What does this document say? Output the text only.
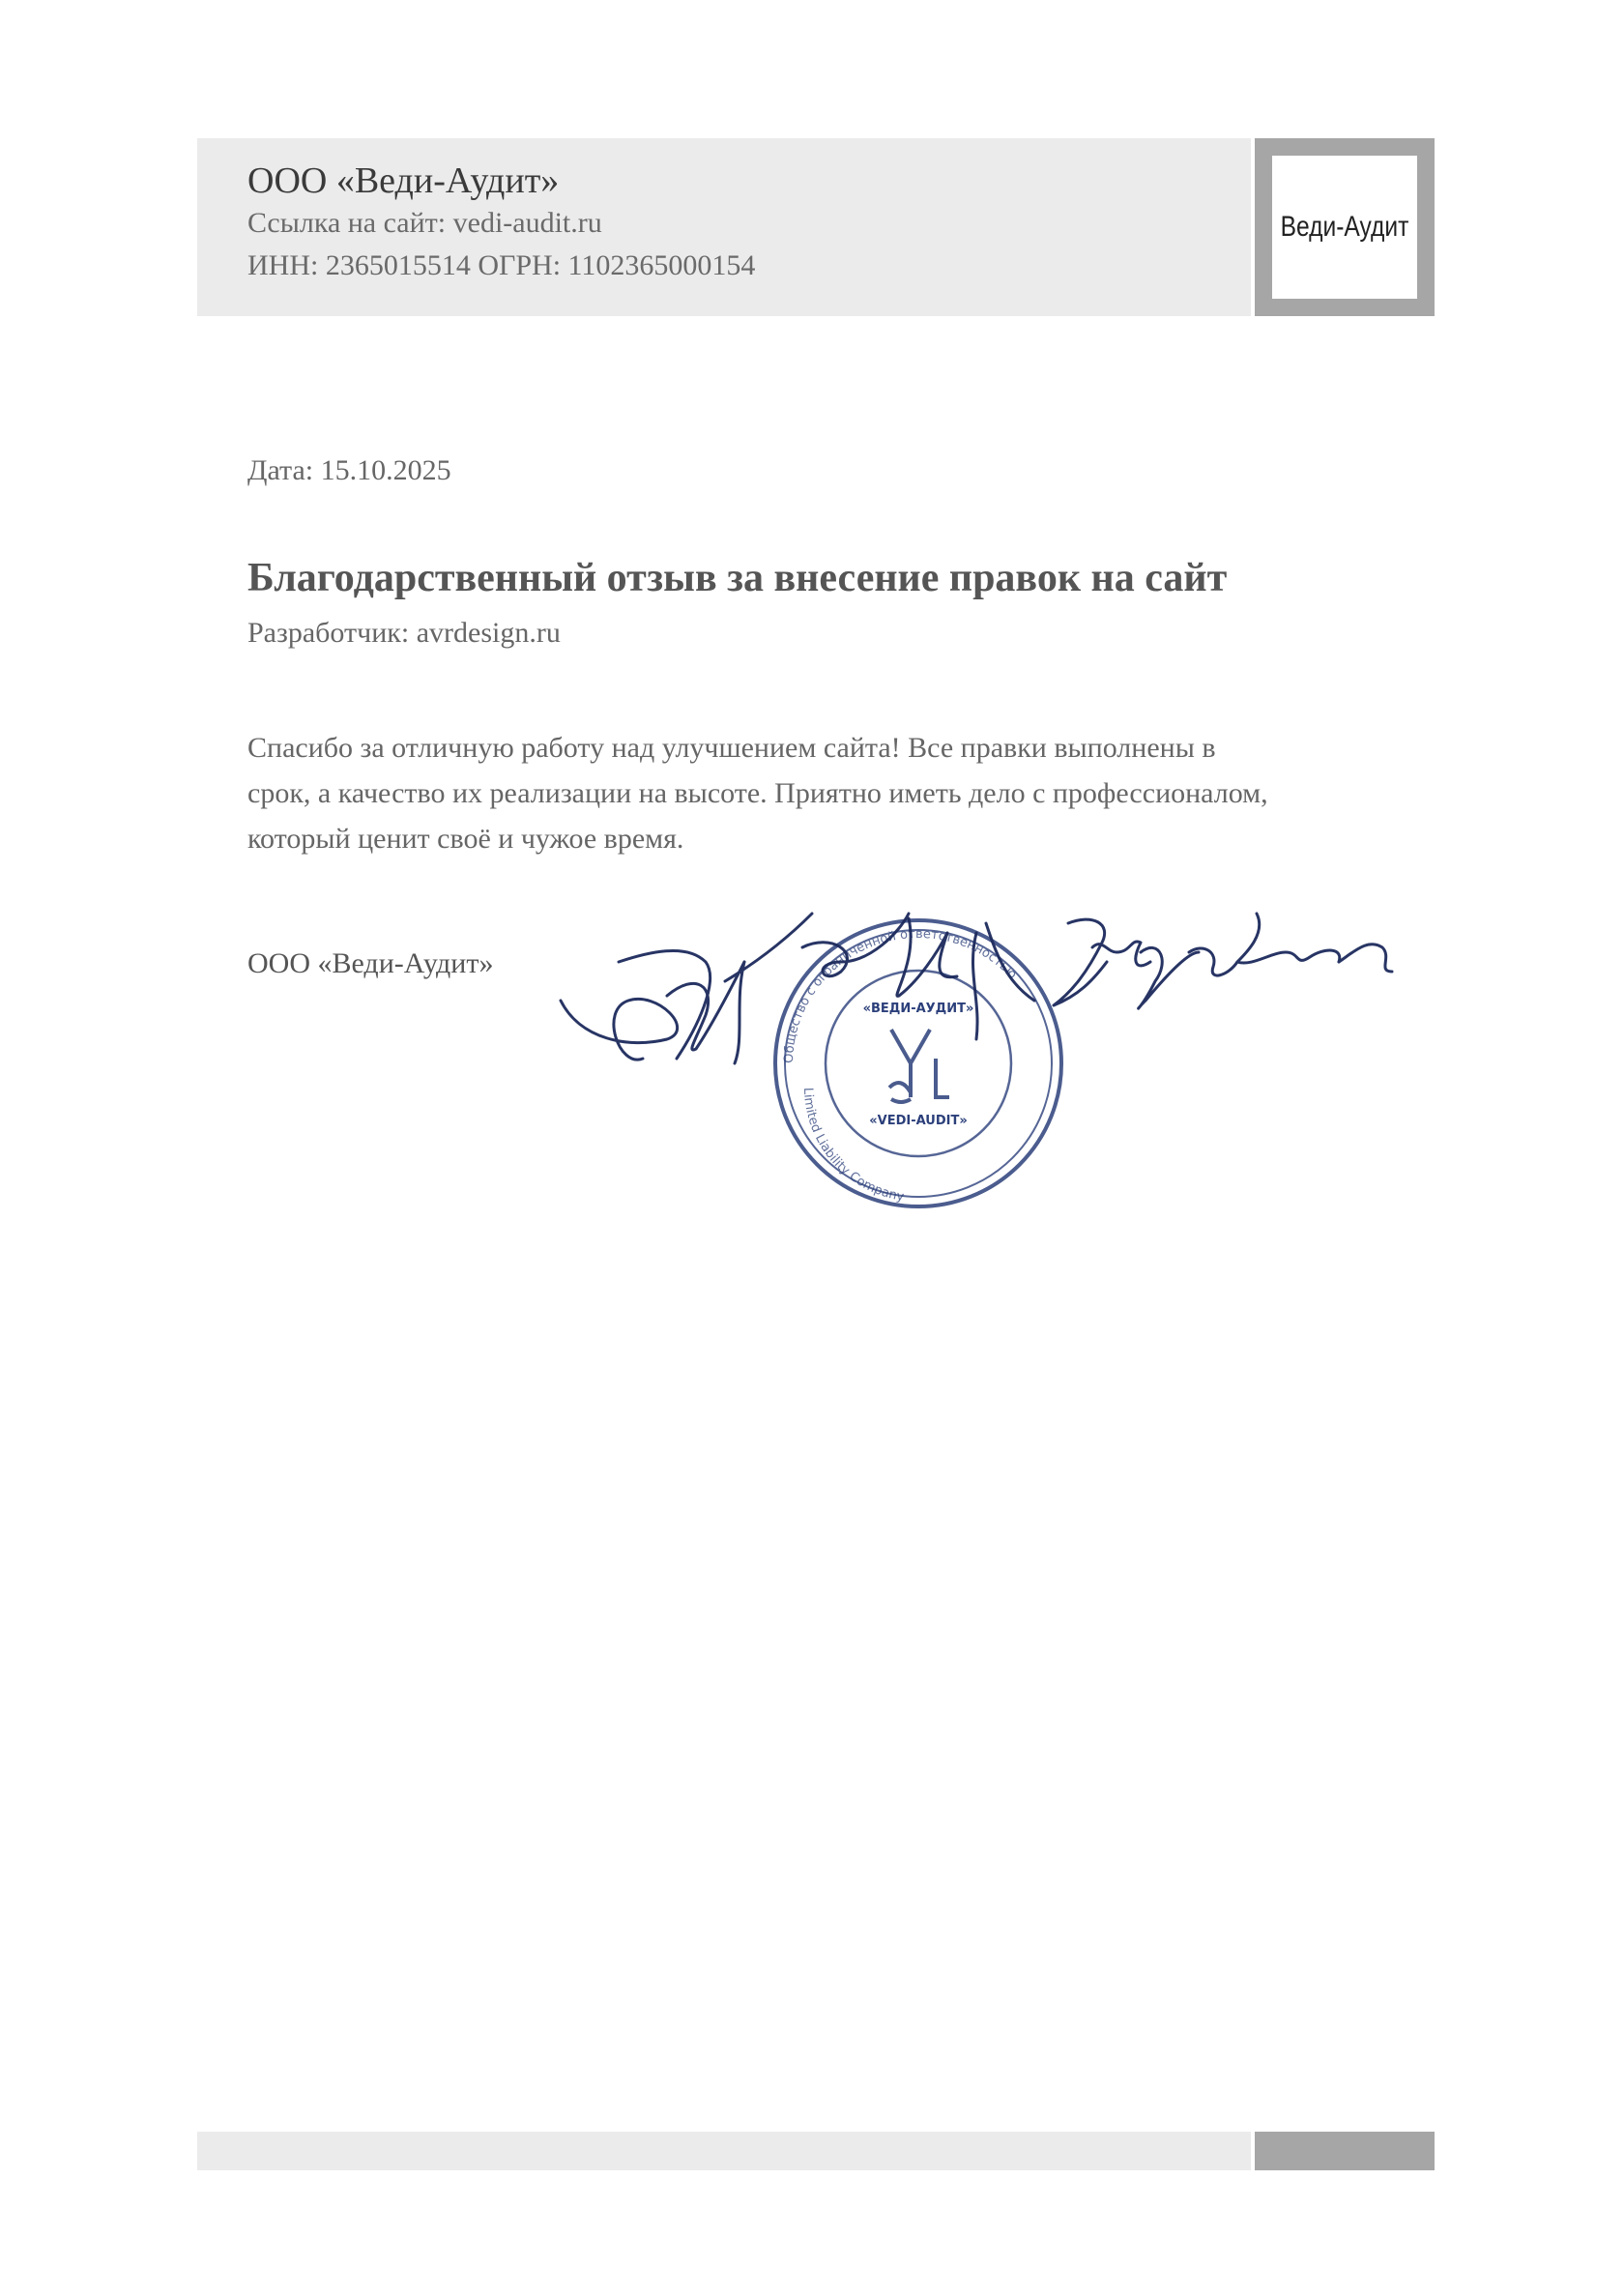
ООО «Веди-Аудит»
Ссылка на сайт: vedi-audit.ru
ИНН: 2365015514 ОГРН: 1102365000154
Веди-Аудит
Дата: 15.10.2025
Благодарственный отзыв за внесение правок на сайт
Разработчик: avrdesign.ru
Спасибо за отличную работу над улучшением сайта! Все правки выполнены в
срок, а качество их реализации на высоте. Приятно иметь дело с профессионалом,
который ценит своё и чужое время.
ООО «Веди-Аудит»
Общество с ограниченной ответственностью
Limited Liability Company
«ВЕДИ-АУДИТ»
«VEDI-AUDIT»
